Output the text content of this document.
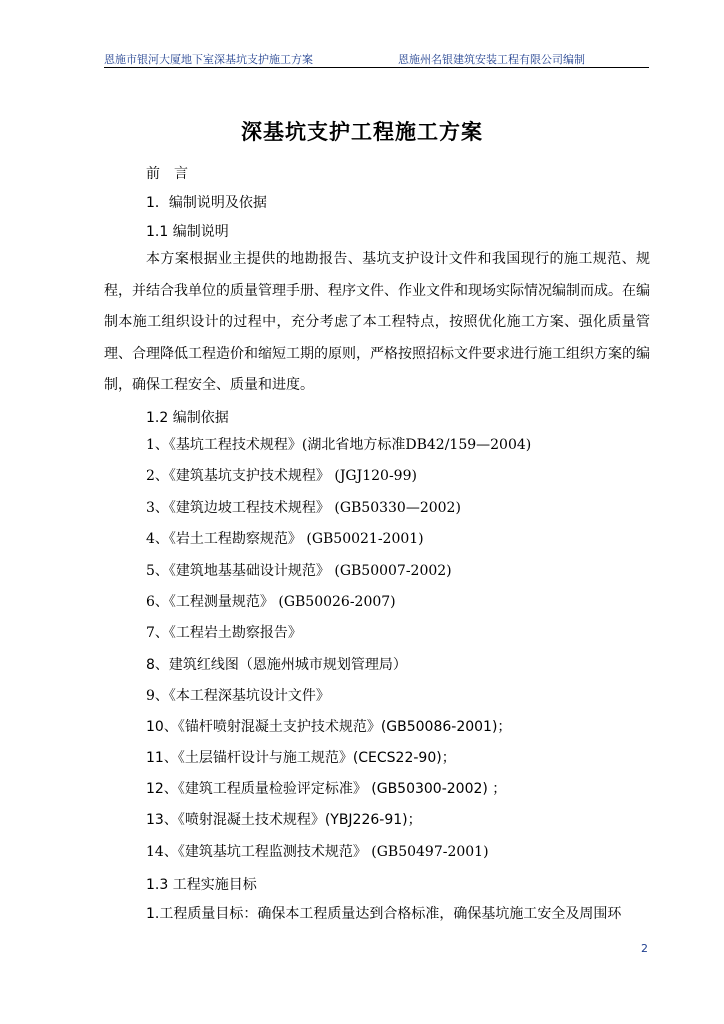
恩施市银河大厦地下室深基坑支护施工方案	恩施州名银建筑安装工程有限公司编制
深基坑支护工程施工方案
前　言
1．编制说明及依据
1.1 编制说明
本方案根据业主提供的地勘报告、基坑支护设计文件和我国现行的施工规范、规程，并结合我单位的质量管理手册、程序文件、作业文件和现场实际情况编制而成。在编制本施工组织设计的过程中，充分考虑了本工程特点，按照优化施工方案、强化质量管理、合理降低工程造价和缩短工期的原则，严格按照招标文件要求进行施工组织方案的编制，确保工程安全、质量和进度。
1.2 编制依据
1、《基坑工程技术规程》(湖北省地方标准DB42/159—2004)
2、《建筑基坑支护技术规程》 (JGJ120-99)
3、《建筑边坡工程技术规程》 (GB50330—2002)
4、《岩土工程勘察规范》 (GB50021-2001)
5、《建筑地基基础设计规范》 (GB50007-2002)
6、《工程测量规范》 (GB50026-2007)
7、《工程岩土勘察报告》
8、建筑红线图（恩施州城市规划管理局）
9、《本工程深基坑设计文件》
10、《锚杆喷射混凝土支护技术规范》(GB50086-2001)；
11、《土层锚杆设计与施工规范》(CECS22-90)；
12、《建筑工程质量检验评定标准》 (GB50300-2002) ；
13、《喷射混凝土技术规程》(YBJ226-91)；
14、《建筑基坑工程监测技术规范》 (GB50497-2001)
1.3 工程实施目标
1.工程质量目标：确保本工程质量达到合格标准，确保基坑施工安全及周围环
2
